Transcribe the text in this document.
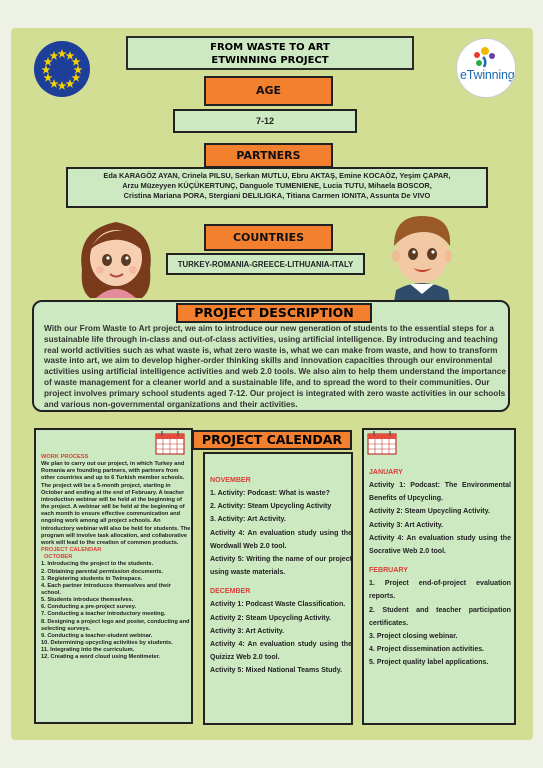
eTwinning
FROM WASTE TO ART
ETWINNING PROJECT
AGE
7-12
PARTNERS
Eda KARAGÖZ AYAN, Crinela PILSU, Serkan MUTLU, Ebru AKTAŞ, Emine KOCAÖZ, Yeşim ÇAPAR,
Arzu Müzeyyen KÜÇÜKERTUNÇ, Danguole TUMENIENE, Lucia TUTU, Mihaela BOSCOR,
Cristina Mariana PORA, Stergiani DELILIGKA, Titiana Carmen IONITA, Assunta De VIVO
COUNTRIES
TURKEY-ROMANIA-GREECE-LITHUANIA-ITALY
PROJECT DESCRIPTION
With our From Waste to Art project, we aim to introduce our new generation of students to the essential steps for a sustainable life through in-class and out-of-class activities, using artificial intelligence. By introducing and teaching real world activities such as what waste is, what zero waste is, what we can make from waste, and how to transform waste into art, we aim to develop higher-order thinking skills and innovation capacities through our environmental activities using artificial intelligence activities and web 2.0 tools. We also aim to help them understand the importance of waste management for a cleaner world and a sustainable life, and to spread the word to their communities. Our project involves primary school students aged 7-12. Our project is integrated with zero waste activities in our schools and various non-governmental organizations and their activities.
PROJECT CALENDAR
WORK PROCESS
We plan to carry out our project, in which Turkey and Romania are founding partners, with partners from other countries and up to 6 Turkish member schools. The project will be a 5-month project, starting in October and ending at the end of February. A teacher introduction webinar will be held at the beginning of the project. A webinar will be held at the beginning of each month to ensure effective communication and ongoing work among all project schools. An introductory webinar will also be held for students. The program will involve task allocation, and collaborative work will lead to the creation of common products.
PROJECT CALENDAR
OCTOBER
1. Introducing the project to the students.
2. Obtaining parental permission documents.
3. Registering students in Twinspace.
4. Each partner introduces themselves and their school.
5. Students introduce themselves.
6. Conducting a pre-project survey.
7. Conducting a teacher introductory meeting.
8. Designing a project logo and poster, conducting and selecting surveys.
9. Conducting a teacher-student webinar.
10. Determining upcycling activities by students.
11. Integrating into the curriculum.
12. Creating a word cloud using Mentimeter.
NOVEMBER
1. Activity: Podcast: What is waste?
2. Activity: Steam Upcycling Activity
3. Activity: Art Activity.
Activity 4: An evaluation study using the Wordwall Web 2.0 tool.
Activity 5: Writing the name of our project using waste materials.
DECEMBER
Activity 1: Podcast Waste Classification.
Activity 2: Steam Upcycling Activity.
Activity 3: Art Activity.
Activity 4: An evaluation study using the Quizizz Web 2.0 tool.
Activity 5: Mixed National Teams Study.
JANUARY
Activity 1: Podcast: The Environmental Benefits of Upcycling.
Activity 2: Steam Upcycling Activity.
Activity 3: Art Activity.
Activity 4: An evaluation study using the Socrative Web 2.0 tool.
FEBRUARY
1. Project end-of-project evaluation reports.
2. Student and teacher participation certificates.
3. Project closing webinar.
4. Project dissemination activities.
5. Project quality label applications.
